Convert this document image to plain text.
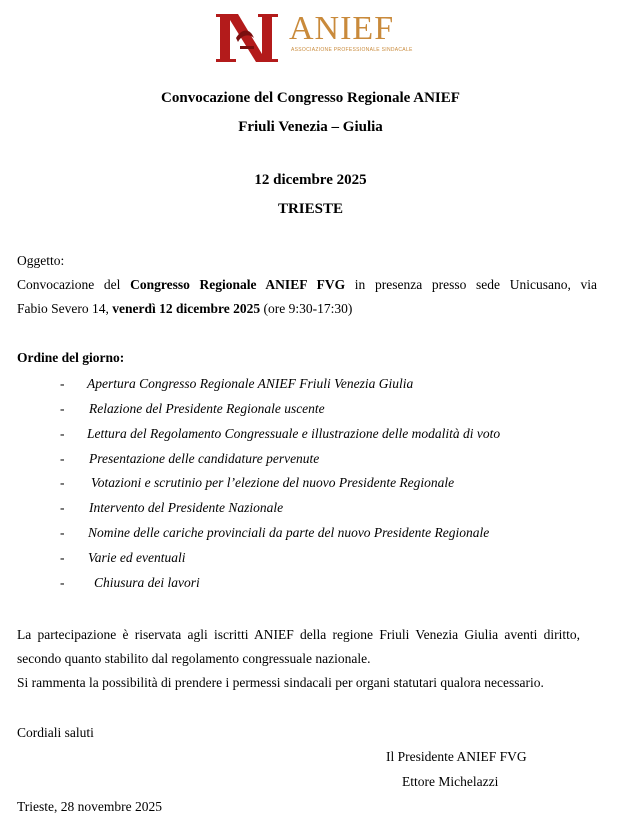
ANIEF
ASSOCIAZIONE PROFESSIONALE SINDACALE
Convocazione del Congresso Regionale ANIEF
Friuli Venezia – Giulia
12 dicembre 2025
TRIESTE
Oggetto:
Convocazione del Congresso Regionale ANIEF FVG in presenza presso sede Unicusano, via
Fabio Severo 14, venerdì 12 dicembre 2025 (ore 9:30-17:30)
Ordine del giorno:
- Apertura Congresso Regionale ANIEF Friuli Venezia Giulia
- Relazione del Presidente Regionale uscente
- Lettura del Regolamento Congressuale e illustrazione delle modalità di voto
- Presentazione delle candidature pervenute
- Votazioni e scrutinio per l’elezione del nuovo Presidente Regionale
- Intervento del Presidente Nazionale
- Nomine delle cariche provinciali da parte del nuovo Presidente Regionale
- Varie ed eventuali
- Chiusura dei lavori
La partecipazione è riservata agli iscritti ANIEF della regione Friuli Venezia Giulia aventi diritto,
secondo quanto stabilito dal regolamento congressuale nazionale.
Si rammenta la possibilità di prendere i permessi sindacali per organi statutari qualora necessario.
Cordiali saluti
Il Presidente ANIEF FVG
Ettore Michelazzi
Trieste, 28 novembre 2025
